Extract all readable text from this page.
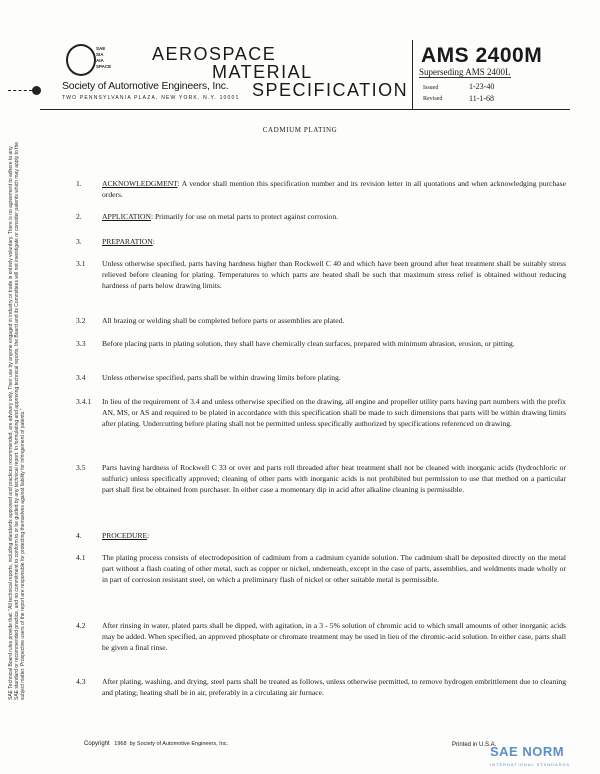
SAE
SIA
AIA
SPACE
Society of Automotive Engineers, Inc.
TWO PENNSYLVANIA PLAZA, NEW YORK, N.Y. 10001
AEROSPACE
MATERIAL
SPECIFICATION
AMS 2400M
Superseding AMS 2400L
Issued	1-23-40
Revised	11-1-68
SAE Technical Board rules provide that: "All technical reports, including standards approved and practices recommended, are advisory only. Their use by anyone engaged in industry or trade is entirely voluntary. There is no agreement to adhere to any SAE standard or recommended practice, and no commitment to conform to or be guided by any technical report. In formulating and approving technical reports, the Board and its Committees will not investigate or consider patents which may apply to the subject matter. Prospective users of the report are responsible for protecting themselves against liability for infringement of patents."
CADMIUM PLATING
1.	ACKNOWLEDGMENT: A vendor shall mention this specification number and its revision letter in all quotations and when acknowledging purchase orders.
2.	APPLICATION: Primarily for use on metal parts to protect against corrosion.
3.	PREPARATION:
3.1 Unless otherwise specified, parts having hardness higher than Rockwell C 40 and which have been ground after heat treatment shall be suitably stress relieved before cleaning for plating. Temperatures to which parts are heated shall be such that maximum stress relief is obtained without reducing hardness of parts below drawing limits.
3.2 All brazing or welding shall be completed before parts or assemblies are plated.
3.3 Before placing parts in plating solution, they shall have chemically clean surfaces, prepared with minimum abrasion, erosion, or pitting.
3.4 Unless otherwise specified, parts shall be within drawing limits before plating.
3.4.1 In lieu of the requirement of 3.4 and unless otherwise specified on the drawing, all engine and propeller utility parts having part numbers with the prefix AN, MS, or AS and required to be plated in accordance with this specification shall be made to such dimensions that parts will be within drawing limits after plating. Undercutting before plating shall not be permitted unless specifically authorized by specifications referenced on drawing.
3.5 Parts having hardness of Rockwell C 33 or over and parts roll threaded after heat treatment shall not be cleaned with inorganic acids (hydrochloric or sulfuric) unless specifically approved; cleaning of other parts with inorganic acids is not prohibited but permission to use that method on a particular part shall first be obtained from purchaser. In either case a momentary dip in acid after alkaline cleaning is permissible.
4.	PROCEDURE:
4.1 The plating process consists of electrodeposition of cadmium from a cadmium cyanide solution. The cadmium shall be deposited directly on the metal part without a flash coating of other metal, such as copper or nickel, underneath, except in the case of parts, assemblies, and weldments made wholly or in part of corrosion resistant steel, on which a preliminary flash of nickel or other suitable metal is permissible.
4.2 After rinsing in water, plated parts shall be dipped, with agitation, in a 3 - 5% solution of chromic acid to which small amounts of other inorganic acids may be added. When specified, an approved phosphate or chromate treatment may be used in lieu of the chromic-acid solution. In either case, parts shall be given a final rinse.
4.3 After plating, washing, and drying, steel parts shall be treated as follows, unless otherwise permitted, to remove hydrogen embrittlement due to cleaning and plating; heating shall be in air, preferably in a circulating air furnace.
Copyright 1968 by Society of Automotive Engineers, Inc.	Printed in U.S.A.
SAE NORM
INTERNATIONAL STANDARDS
